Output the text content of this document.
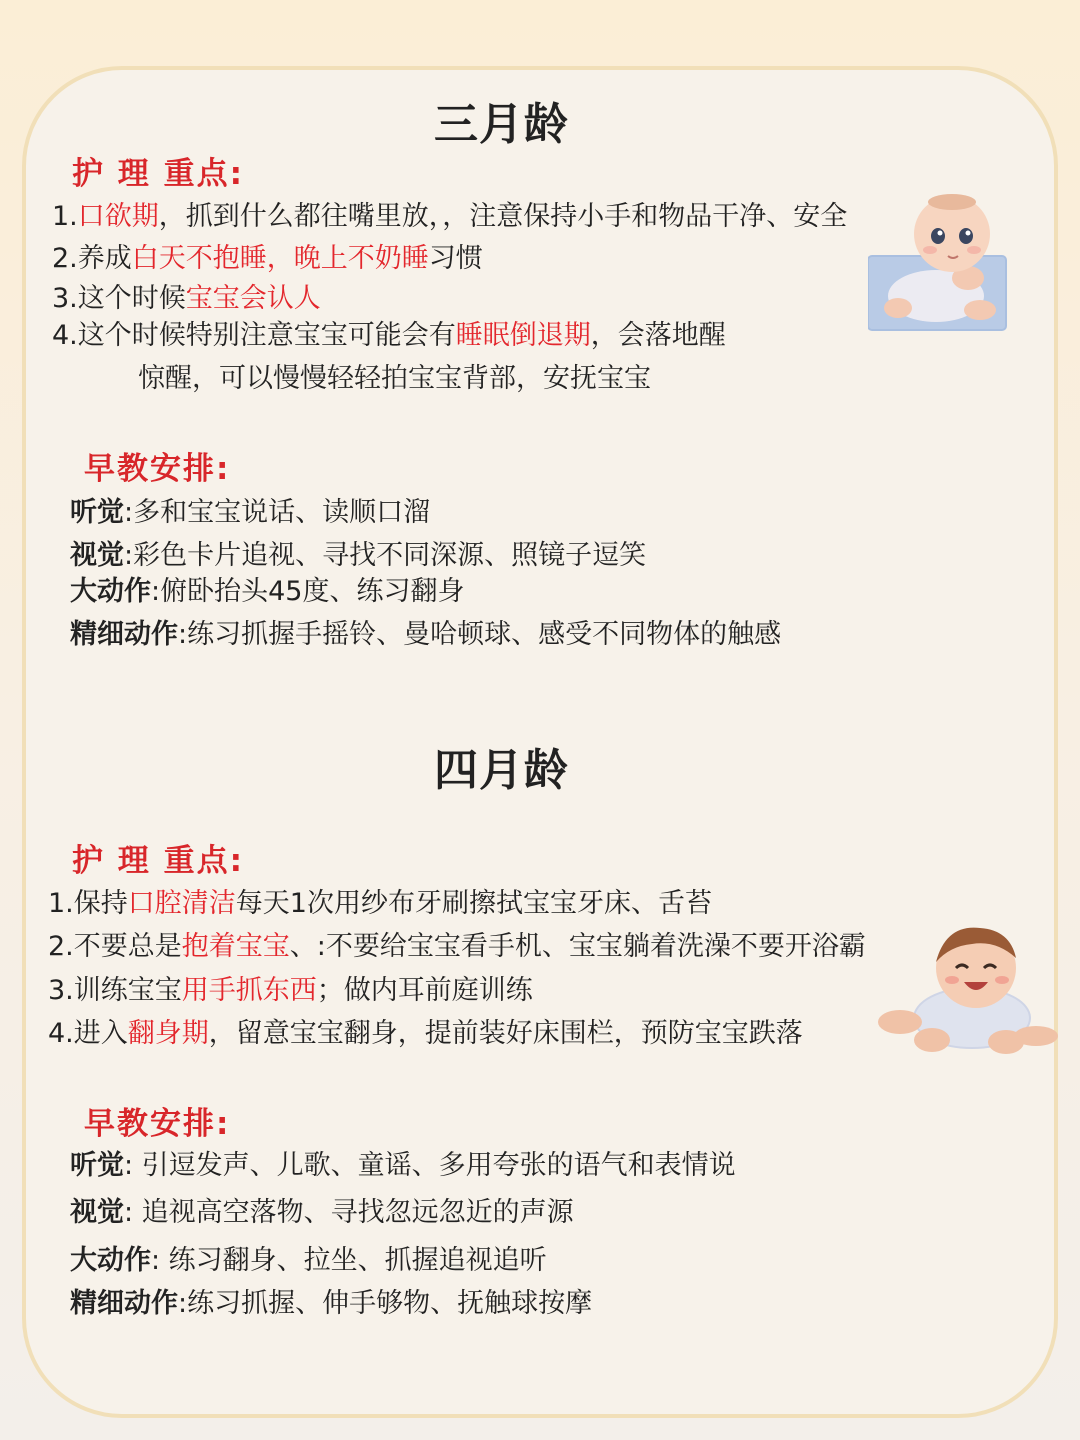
三月龄
护 理 重点:
1.口欲期，抓到什么都往嘴里放，，注意保持小手和物品干净、安全
2.养成白天不抱睡，晚上不奶睡习惯
3.这个时候宝宝会认人
4.这个时候特别注意宝宝可能会有睡眠倒退期，会落地醒
惊醒，可以慢慢轻轻拍宝宝背部，安抚宝宝
早教安排:
听觉:多和宝宝说话、读顺口溜
视觉:彩色卡片追视、寻找不同深源、照镜子逗笑
大动作:俯卧抬头45度、练习翻身
精细动作:练习抓握手摇铃、曼哈顿球、感受不同物体的触感
四月龄
护 理 重点:
1.保持口腔清洁每天1次用纱布牙刷擦拭宝宝牙床、舌苔
2.不要总是抱着宝宝、:不要给宝宝看手机、宝宝躺着洗澡不要开浴霸
3.训练宝宝用手抓东西；做内耳前庭训练
4.进入翻身期，留意宝宝翻身，提前装好床围栏，预防宝宝跌落
早教安排:
听觉: 引逗发声、儿歌、童谣、多用夸张的语气和表情说
视觉: 追视高空落物、寻找忽远忽近的声源
大动作: 练习翻身、拉坐、抓握追视追听
精细动作:练习抓握、伸手够物、抚触球按摩
